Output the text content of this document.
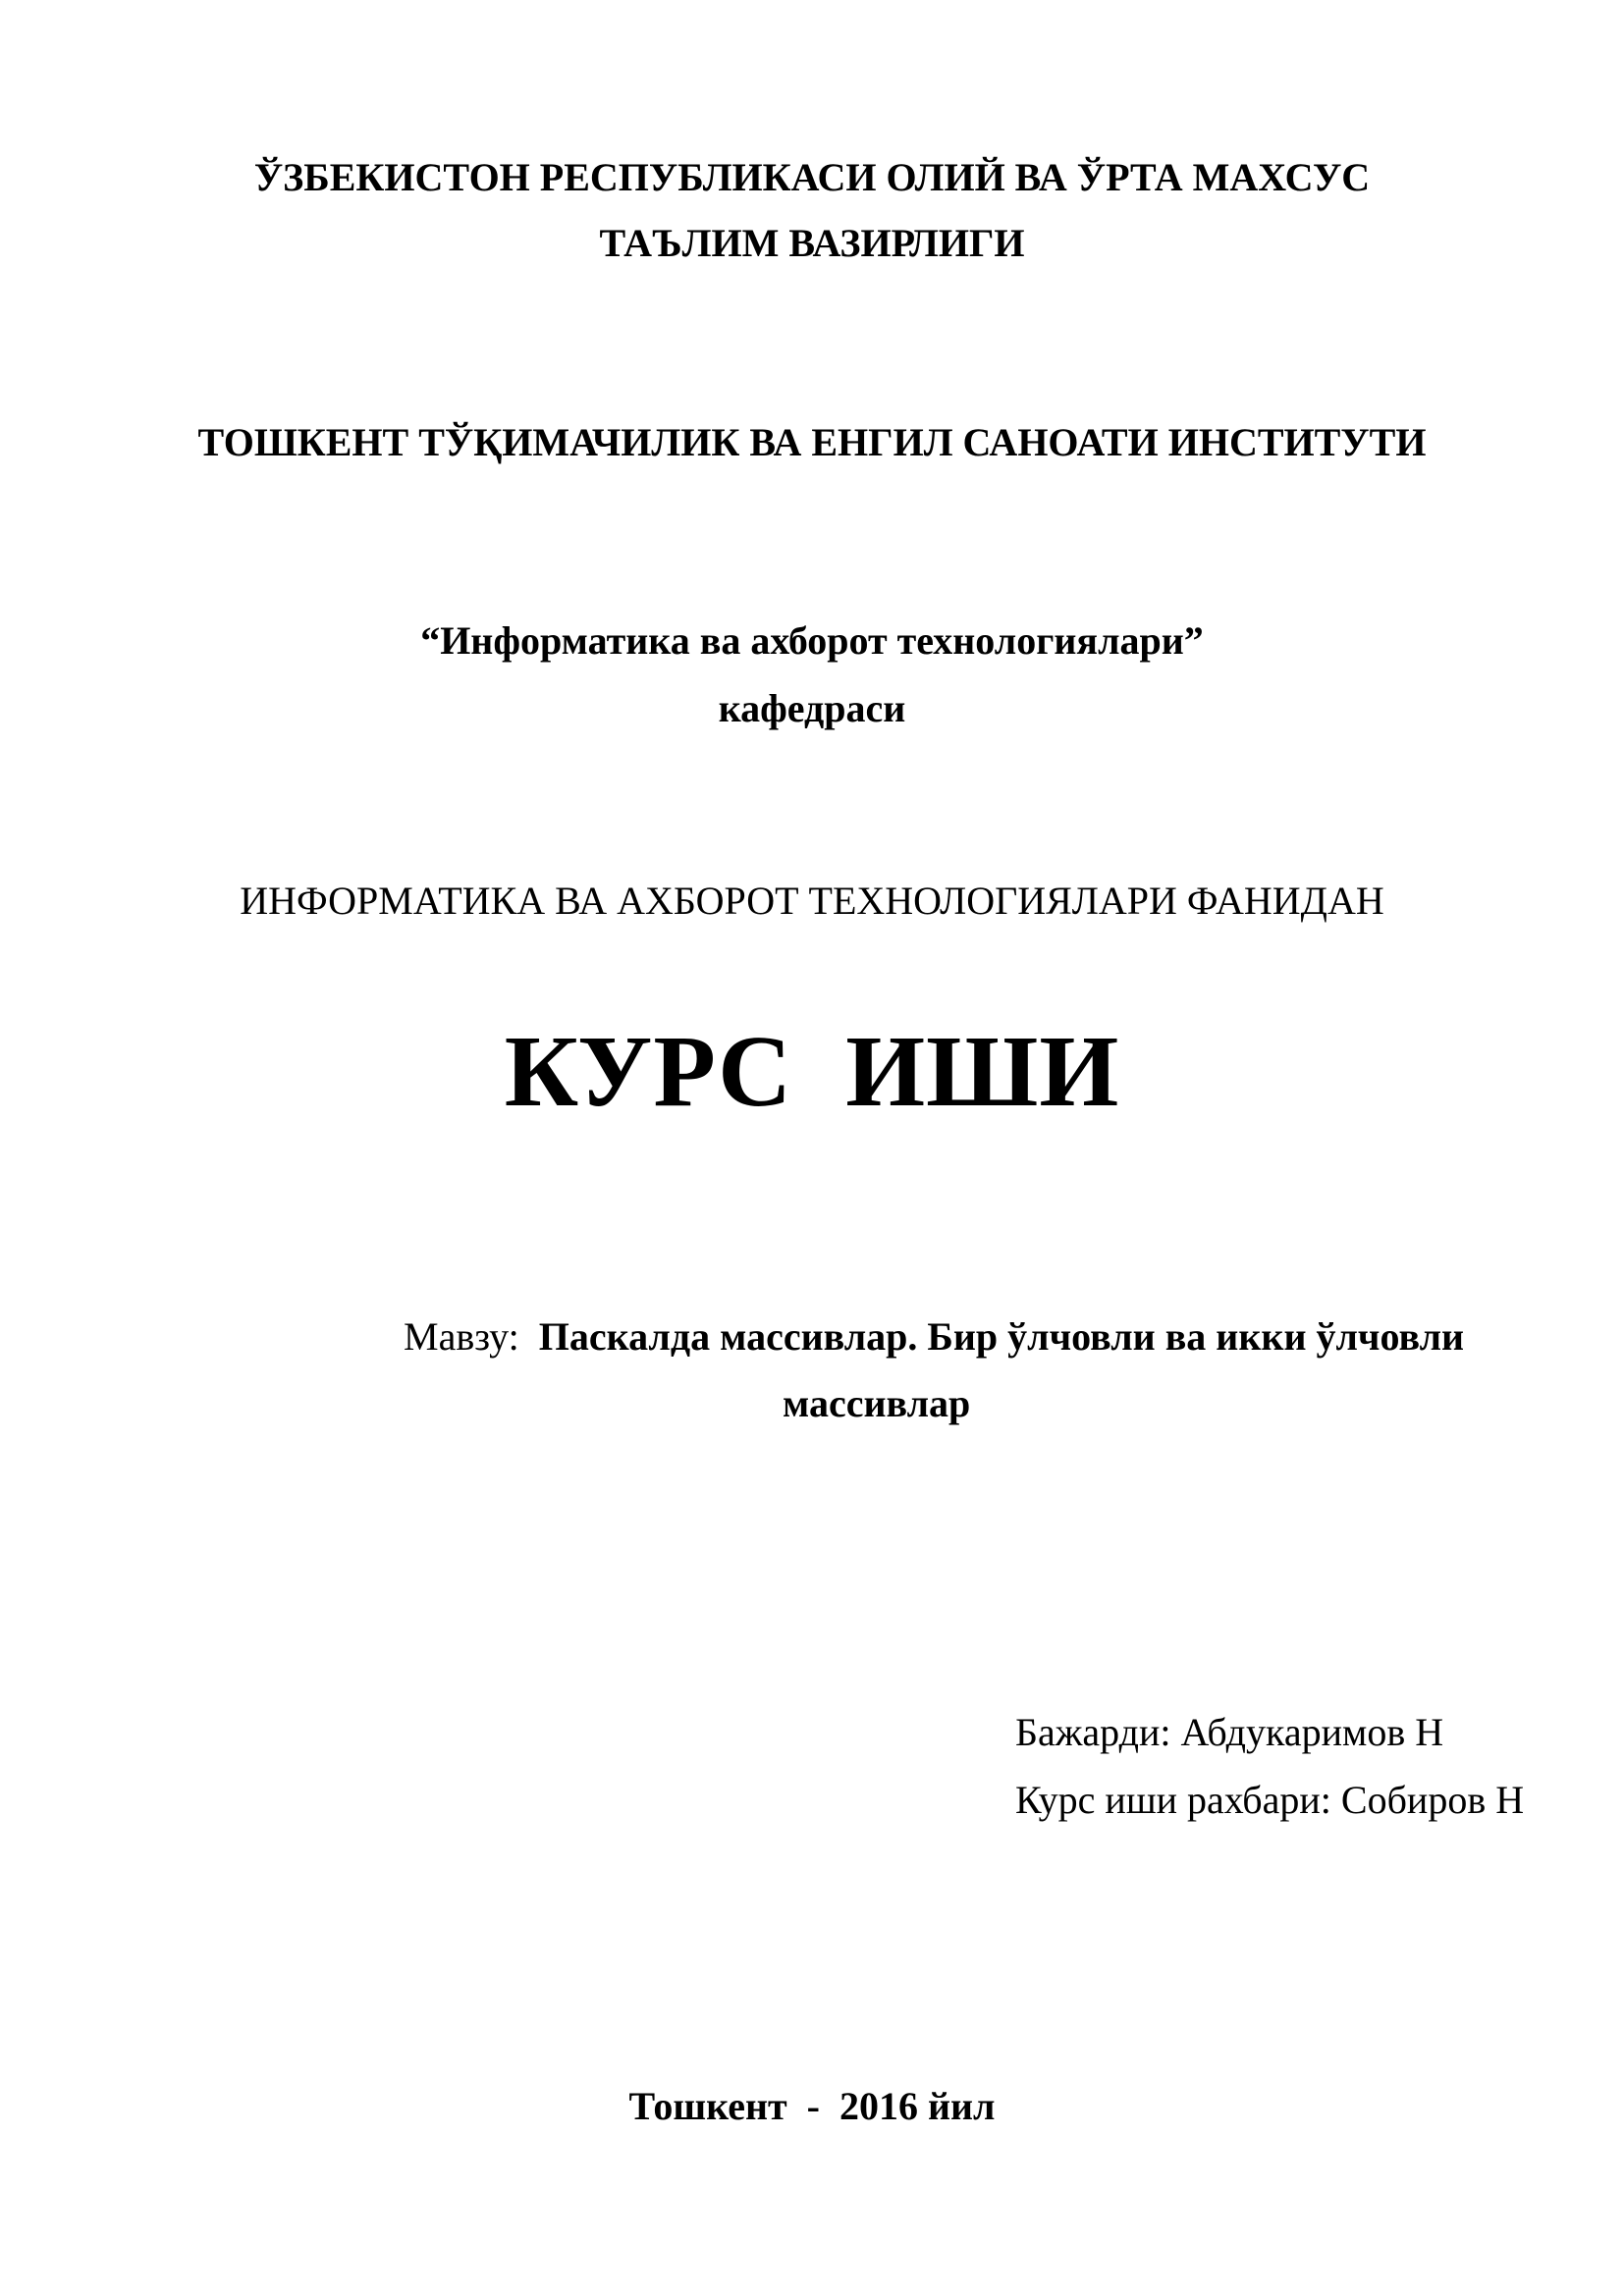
ЎЗБЕКИСТОН РЕСПУБЛИКАСИ ОЛИЙ ВА ЎРТА МАХСУС
ТАЪЛИМ ВАЗИРЛИГИ
ТОШКЕНТ ТЎҚИМАЧИЛИК ВА ЕНГИЛ САНОАТИ ИНСТИТУТИ
“Информатика ва ахборот технологиялари”
кафедраси
ИНФОРМАТИКА ВА АХБОРОТ ТЕХНОЛОГИЯЛАРИ ФАНИДАН
КУРС  ИШИ
Мавзу: Паскалда массивлар. Бир ўлчовли ва икки ўлчовли
массивлар
Бажарди: Абдукаримов Н
Курс иши рахбари: Собиров Н
Тошкент  -  2016 йил
